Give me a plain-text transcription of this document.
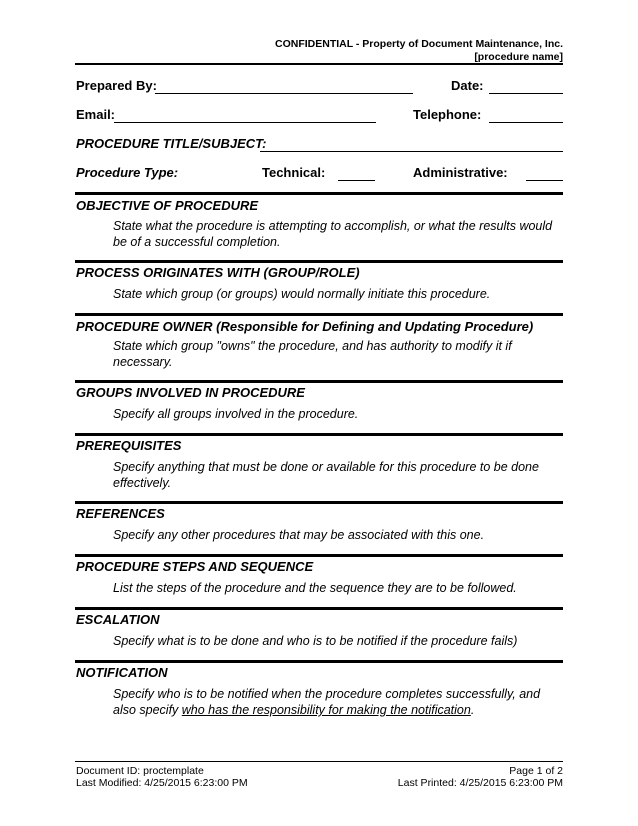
CONFIDENTIAL - Property of Document Maintenance, Inc.
[procedure name]
Prepared By:	Date:
Email:	Telephone:
PROCEDURE TITLE/SUBJECT:
Procedure Type:	Technical:	Administrative:
OBJECTIVE OF PROCEDURE
State what the procedure is attempting to accomplish, or what the results would be of a successful completion.
PROCESS ORIGINATES WITH (GROUP/ROLE)
State which group (or groups) would normally initiate this procedure.
PROCEDURE OWNER (Responsible for Defining and Updating Procedure)
State which group "owns" the procedure, and has authority to modify it if necessary.
GROUPS INVOLVED IN PROCEDURE
Specify all groups involved in the procedure.
PREREQUISITES
Specify anything that must be done or available for this procedure to be done effectively.
REFERENCES
Specify any other procedures that may be associated with this one.
PROCEDURE STEPS AND SEQUENCE
List the steps of the procedure and the sequence they are to be followed.
ESCALATION
Specify what is to be done and who is to be notified if the procedure fails)
NOTIFICATION
Specify who is to be notified when the procedure completes successfully, and also specify who has the responsibility for making the notification.
Document ID: proctemplate
Last Modified: 4/25/2015 6:23:00 PM
Page 1 of 2
Last Printed: 4/25/2015 6:23:00 PM
